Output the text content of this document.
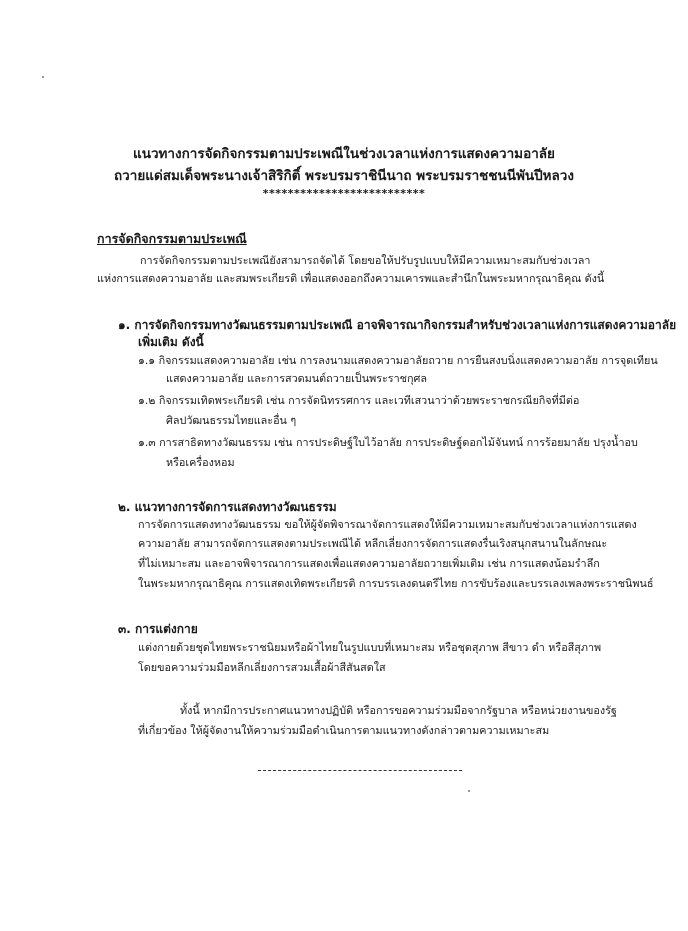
แนวทางการจัดกิจกรรมตามประเพณีในช่วงเวลาแห่งการแสดงความอาลัย
ถวายแด่สมเด็จพระนางเจ้าสิริกิติ์ พระบรมราชินีนาถ พระบรมราชชนนีพันปีหลวง
**************************
การจัดกิจกรรมตามประเพณี
การจัดกิจกรรมตามประเพณียังสามารถจัดได้ โดยขอให้ปรับรูปแบบให้มีความเหมาะสมกับช่วงเวลา
แห่งการแสดงความอาลัย และสมพระเกียรติ เพื่อแสดงออกถึงความเคารพและสำนึกในพระมหากรุณาธิคุณ ดังนี้
๑. การจัดกิจกรรมทางวัฒนธรรมตามประเพณี อาจพิจารณากิจกรรมสำหรับช่วงเวลาแห่งการแสดงความอาลัย
เพิ่มเติม ดังนี้
๑.๑ กิจกรรมแสดงความอาลัย เช่น การลงนามแสดงความอาลัยถวาย การยืนสงบนิ่งแสดงความอาลัย การจุดเทียน
แสดงความอาลัย และการสวดมนต์ถวายเป็นพระราชกุศล
๑.๒ กิจกรรมเทิดพระเกียรติ เช่น การจัดนิทรรศการ และเวทีเสวนาว่าด้วยพระราชกรณียกิจที่มีต่อ
ศิลปวัฒนธรรมไทยและอื่น ๆ
๑.๓ การสาธิตทางวัฒนธรรม เช่น การประดิษฐ์ใบไว้อาลัย การประดิษฐ์ดอกไม้จันทน์ การร้อยมาลัย ปรุงน้ำอบ
หรือเครื่องหอม
๒. แนวทางการจัดการแสดงทางวัฒนธรรม
การจัดการแสดงทางวัฒนธรรม ขอให้ผู้จัดพิจารณาจัดการแสดงให้มีความเหมาะสมกับช่วงเวลาแห่งการแสดง
ความอาลัย สามารถจัดการแสดงตามประเพณีได้ หลีกเลี่ยงการจัดการแสดงรื่นเริงสนุกสนานในลักษณะ
ที่ไม่เหมาะสม และอาจพิจารณาการแสดงเพื่อแสดงความอาลัยถวายเพิ่มเติม เช่น การแสดงน้อมรำลึก
ในพระมหากรุณาธิคุณ การแสดงเทิดพระเกียรติ การบรรเลงดนตรีไทย การขับร้องและบรรเลงเพลงพระราชนิพนธ์
๓. การแต่งกาย
แต่งกายด้วยชุดไทยพระราชนิยมหรือผ้าไทยในรูปแบบที่เหมาะสม หรือชุดสุภาพ สีขาว ดำ หรือสีสุภาพ
โดยขอความร่วมมือหลีกเลี่ยงการสวมเสื้อผ้าสีสันสดใส
ทั้งนี้ หากมีการประกาศแนวทางปฏิบัติ หรือการขอความร่วมมือจากรัฐบาล หรือหน่วยงานของรัฐ
ที่เกี่ยวข้อง ให้ผู้จัดงานให้ความร่วมมือดำเนินการตามแนวทางดังกล่าวตามความเหมาะสม
